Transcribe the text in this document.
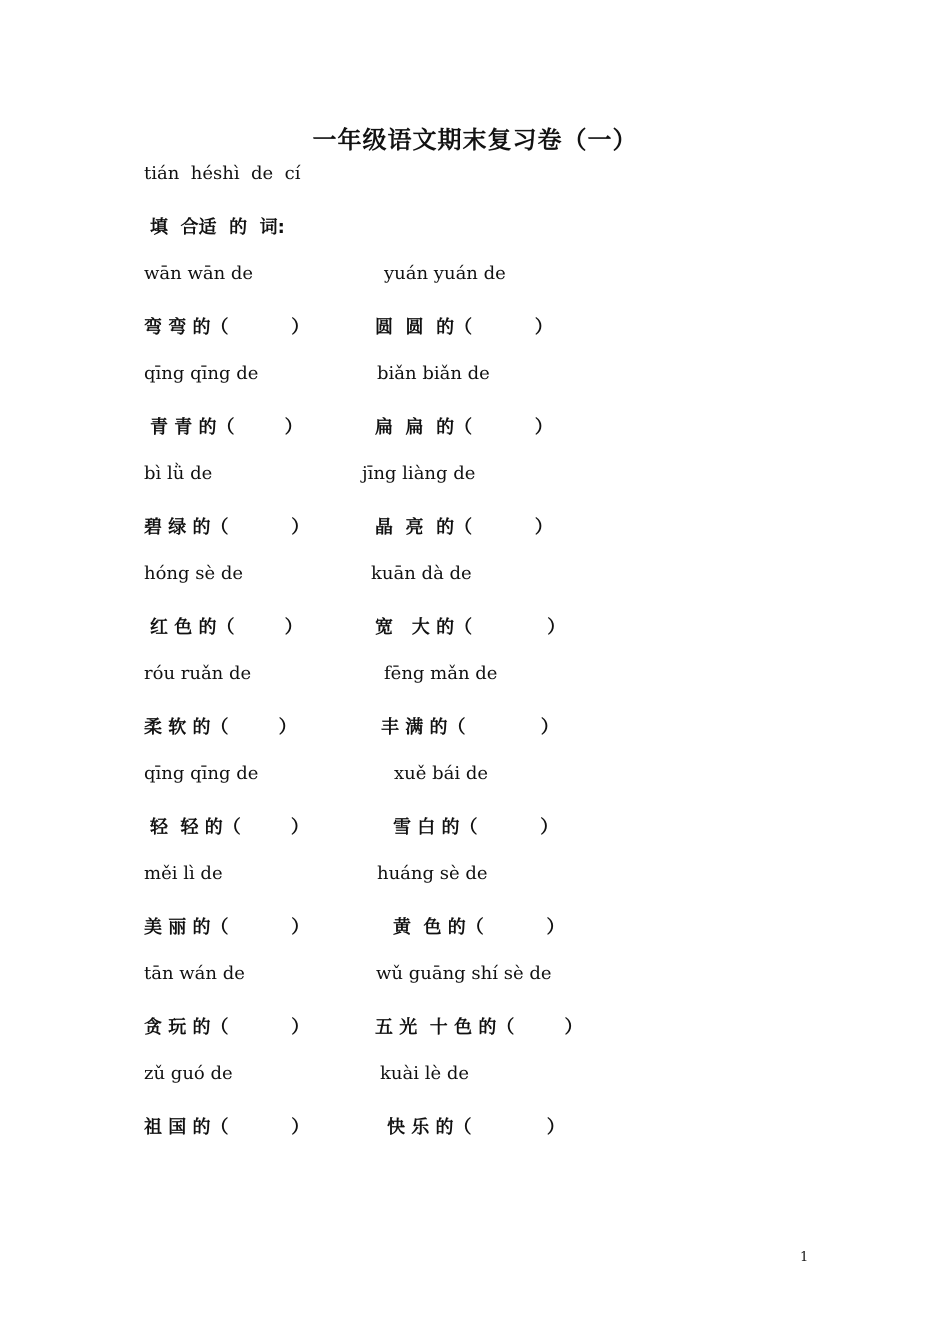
一年级语文期末复习卷（一）
tián  héshì  de  cí
填  合适  的  词:
wān wān de	yuán yuán de
弯 弯 的（          ）	圆  圆  的（          ）
qīng qīng de	biǎn biǎn de
青 青 的（        ）	扁  扁  的（          ）
bì lǜ de	jīng liàng de
碧 绿 的（          ）	晶  亮  的（          ）
hóng sè de	kuān dà de
红 色 的（        ）	宽   大 的（            ）
róu ruǎn de	fēng mǎn de
柔 软 的（        ）	丰 满 的（            ）
qīng qīng de	xuě bái de
轻  轻 的（        ）	雪 白 的（          ）
měi lì de	huáng sè de
美 丽 的（          ）	黄  色 的（          ）
tān wán de	wǔ guāng shí sè de
贪 玩 的（          ）	五 光  十 色 的（        ）
zǔ guó de	kuài lè de
祖 国 的（          ）	快 乐 的（            ）
1
